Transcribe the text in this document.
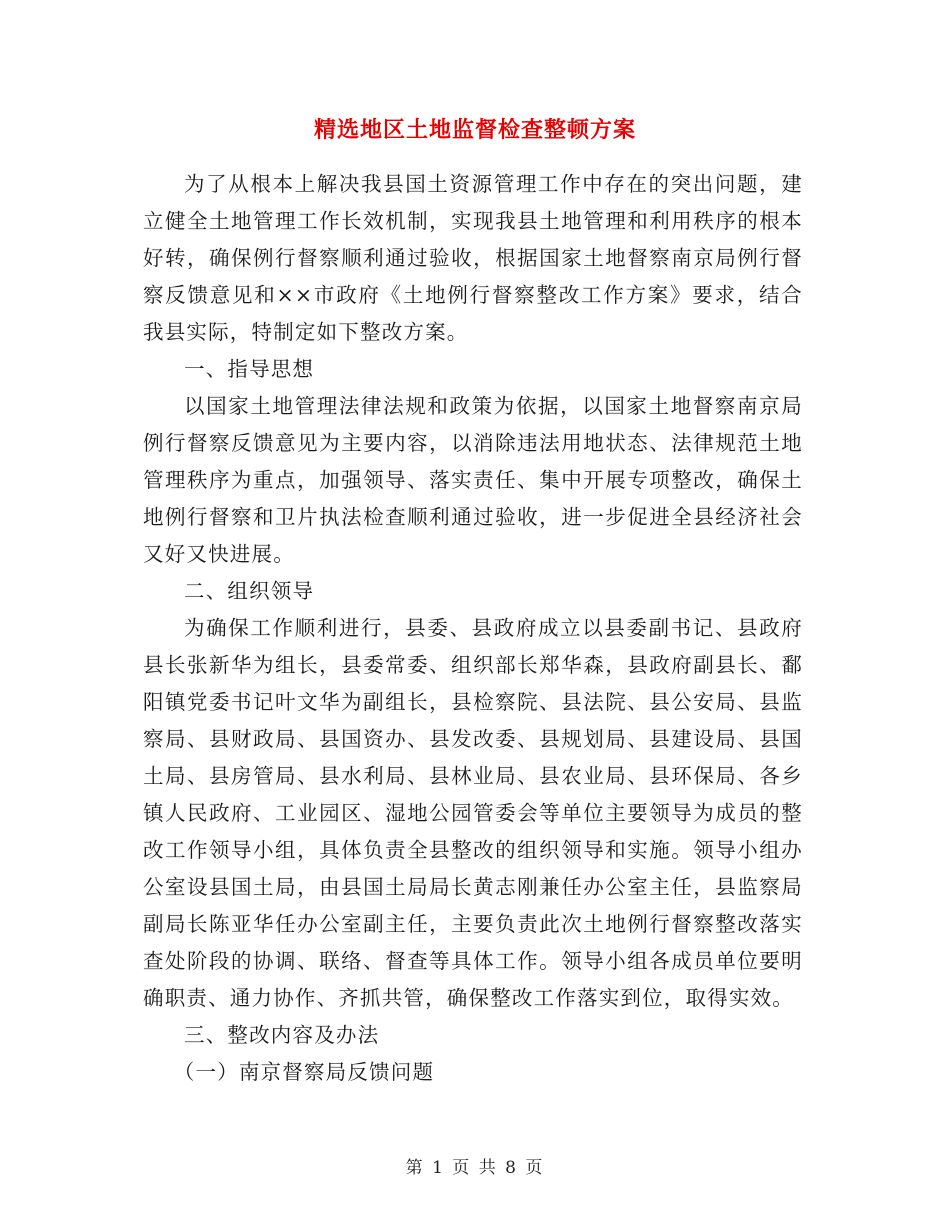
精选地区土地监督检查整顿方案

为了从根本上解决我县国土资源管理工作中存在的突出问题，建立健全土地管理工作长效机制，实现我县土地管理和利用秩序的根本好转，确保例行督察顺利通过验收，根据国家土地督察南京局例行督察反馈意见和××市政府《土地例行督察整改工作方案》要求，结合我县实际，特制定如下整改方案。

一、指导思想

以国家土地管理法律法规和政策为依据，以国家土地督察南京局例行督察反馈意见为主要内容，以消除违法用地状态、法律规范土地管理秩序为重点，加强领导、落实责任、集中开展专项整改，确保土地例行督察和卫片执法检查顺利通过验收，进一步促进全县经济社会又好又快进展。

二、组织领导

为确保工作顺利进行，县委、县政府成立以县委副书记、县政府县长张新华为组长，县委常委、组织部长郑华森，县政府副县长、鄱阳镇党委书记叶文华为副组长，县检察院、县法院、县公安局、县监察局、县财政局、县国资办、县发改委、县规划局、县建设局、县国土局、县房管局、县水利局、县林业局、县农业局、县环保局、各乡镇人民政府、工业园区、湿地公园管委会等单位主要领导为成员的整改工作领导小组，具体负责全县整改的组织领导和实施。领导小组办公室设县国土局，由县国土局局长黄志刚兼任办公室主任，县监察局副局长陈亚华任办公室副主任，主要负责此次土地例行督察整改落实查处阶段的协调、联络、督查等具体工作。领导小组各成员单位要明确职责、通力协作、齐抓共管，确保整改工作落实到位，取得实效。

三、整改内容及办法

（一）南京督察局反馈问题

第 1 页 共 8 页
